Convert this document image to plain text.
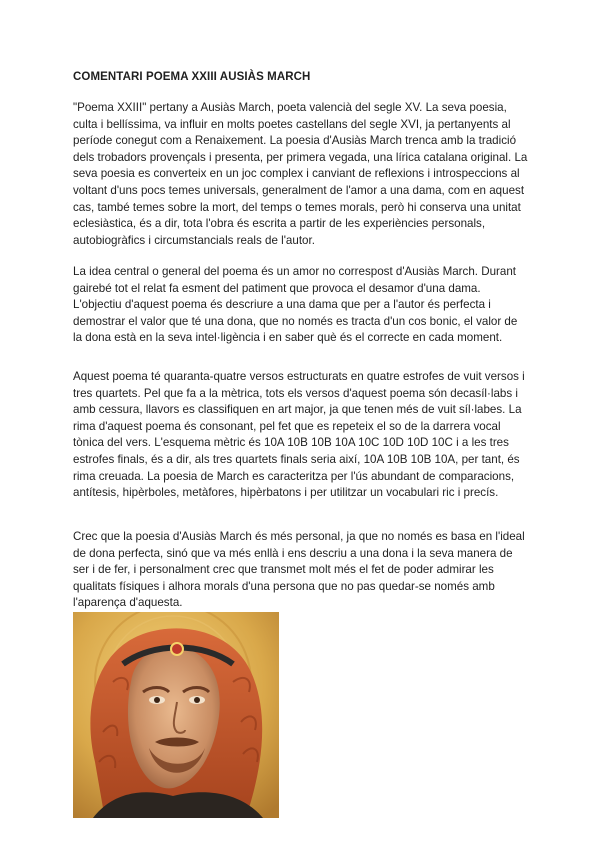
COMENTARI POEMA XXIII AUSIÀS MARCH

"Poema XXIII" pertany a Ausiàs March, poeta valencià del segle XV. La seva poesia, culta i bellíssima, va influir en molts poetes castellans del segle XVI, ja pertanyents al període conegut com a Renaixement. La poesia d'Ausiàs March trenca amb la tradició dels trobadors provençals i presenta, per primera vegada, una lírica catalana original. La seva poesia es converteix en un joc complex i canviant de reflexions i introspeccions al voltant d'uns pocs temes universals, generalment de l'amor a una dama, com en aquest cas, també temes sobre la mort, del temps o temes morals, però hi conserva una unitat eclesiàstica, és a dir, tota l'obra és escrita a partir de les experiències personals, autobiogràfics i circumstancials reals de l'autor.

La idea central o general del poema és un amor no correspost d'Ausiàs March. Durant gairebé tot el relat fa esment del patiment que provoca el desamor d'una dama.

L'objectiu d'aquest poema és descriure a una dama que per a l'autor és perfecta i demostrar el valor que té una dona, que no només es tracta d'un cos bonic, el valor de la dona està en la seva intel·ligència i en saber què és el correcte en cada moment.

Aquest poema té quaranta-quatre versos estructurats en quatre estrofes de vuit versos i tres quartets. Pel que fa a la mètrica, tots els versos d'aquest poema són decasíl·labs i amb cessura, llavors es classifiquen en art major, ja que tenen més de vuit síl·labes. La rima d'aquest poema és consonant, pel fet que es repeteix el so de la darrera vocal tònica del vers. L'esquema mètric és 10A 10B 10B 10A 10C 10D 10D 10C i a les tres estrofes finals, és a dir, als tres quartets finals seria així, 10A 10B 10B 10A, per tant, és rima creuada. La poesia de March es caracteritza per l'ús abundant de comparacions, antítesis, hipèrboles, metàfores, hipèrbatons i per utilitzar un vocabulari ric i precís.

Crec que la poesia d'Ausiàs March és més personal, ja que no només es basa en l'ideal de dona perfecta, sinó que va més enllà i ens descriu a una dona i la seva manera de ser i de fer, i personalment crec que transmet molt més el fet de poder admirar les qualitats físiques i alhora morals d'una persona que no pas quedar-se només amb l'aparença d'aquesta.
